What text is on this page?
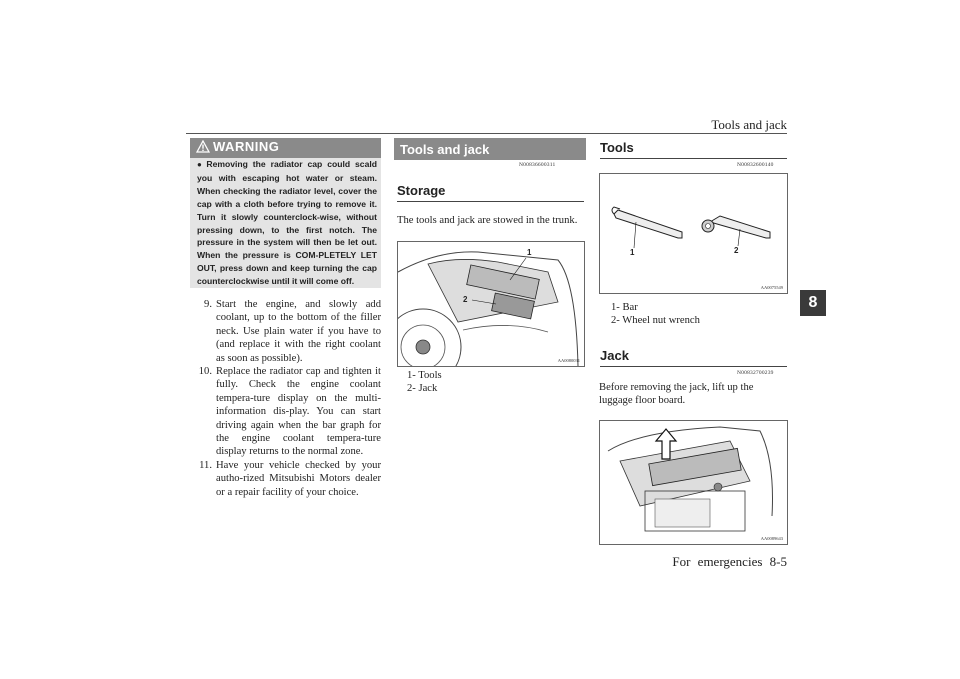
Tools and jack
8
For emergencies 8-5
WARNING
● Removing the radiator cap could scald you with escaping hot water or steam. When checking the radiator level, cover the cap with a cloth before trying to remove it. Turn it slowly counterclock-wise, without pressing down, to the first notch. The pressure in the system will then be let out. When the pressure is COM-PLETELY LET OUT, press down and keep turning the cap counterclockwise until it will come off.
9. Start the engine, and slowly add coolant, up to the bottom of the filler neck. Use plain water if you have to (and replace it with the right coolant as soon as possible).
10. Replace the radiator cap and tighten it fully. Check the engine coolant tempera-ture display on the multi-information dis-play. You can start driving again when the bar graph for the engine coolant tempera-ture display returns to the normal zone.
11. Have your vehicle checked by your autho-rized Mitsubishi Motors dealer or a repair facility of your choice.
Tools and jack
N00836600311
Storage
The tools and jack are stowed in the trunk.
1
2
AA0080031
1- Tools
2- Jack
Tools
N00832600140
1	2
AA0075549
1- Bar
2- Wheel nut wrench
Jack
N00832700239
Before removing the jack, lift up the luggage floor board.
AA0089643
